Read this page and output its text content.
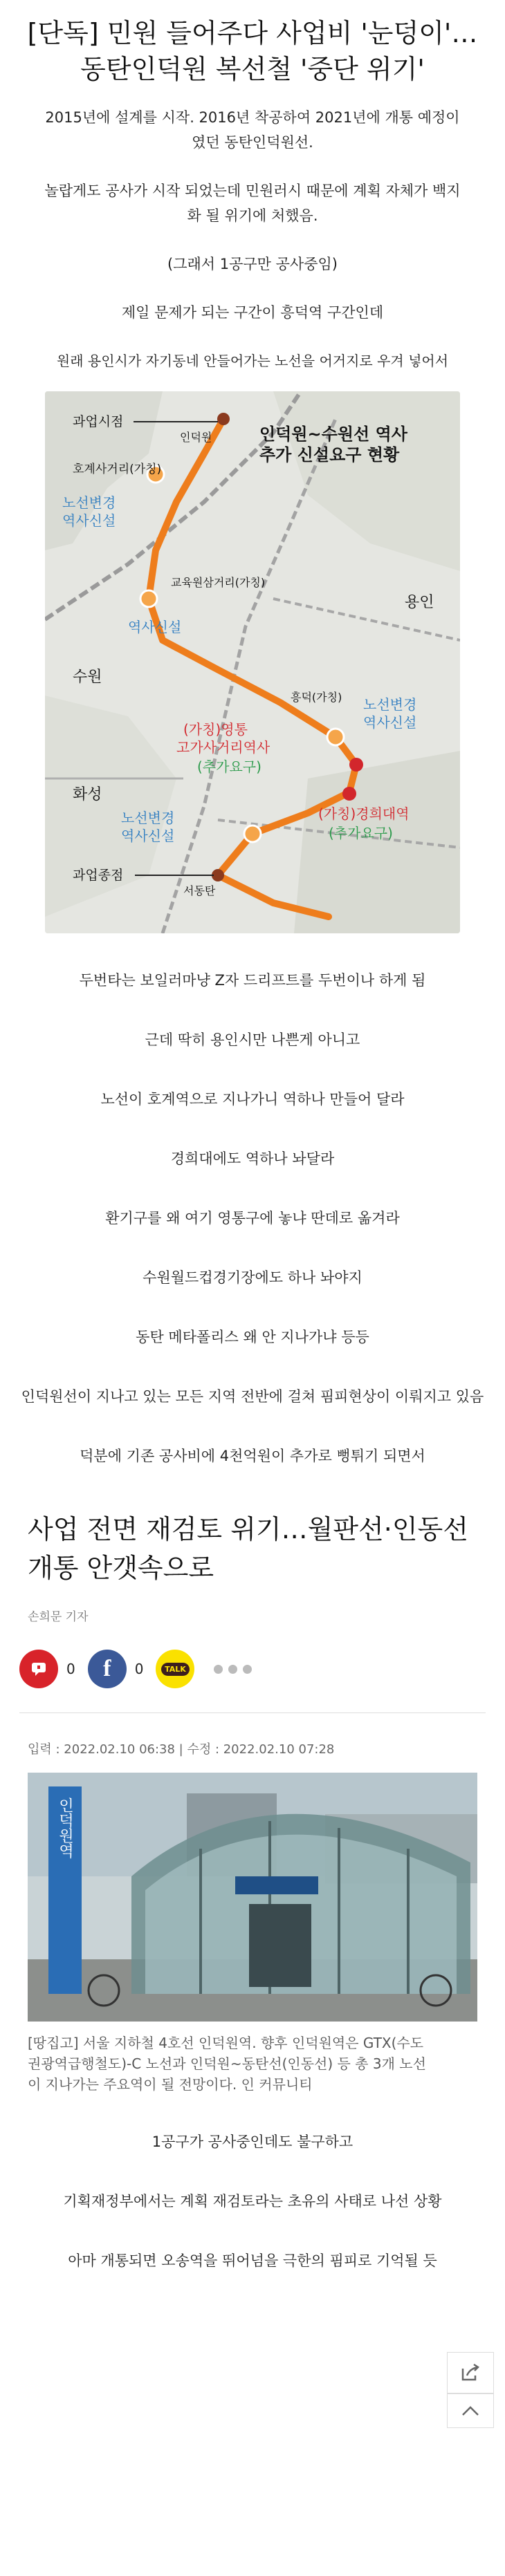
[단독] 민원 들어주다 사업비 '눈덩이'… 동탄인덕원 복선철 '중단 위기'

2015년에 설계를 시작. 2016년 착공하여 2021년에 개통 예정이였던 동탄인덕원선.

놀랍게도 공사가 시작 되었는데 민원러시 때문에 계획 자체가 백지화 될 위기에 처했음.

(그래서 1공구만 공사중임)

제일 문제가 되는 구간이 흥덕역 구간인데

원래 용인시가 자기동네 안들어가는 노선을 어거지로 우겨 넣어서

과업시점
인덕원	인덕원~수원선 역사
추가 신설요구 현황
호계사거리(가칭)
노선변경
역사신설
교육원삼거리(가칭)
역사신설
용인
수원
흥덕(가칭) 노선변경
역사신설
(가칭)영통
고가사거리역사
(추가요구)
화성
(가칭)경희대역
(추가요구)
노선변경
역사신설
과업종점
서동탄

두번타는 보일러마냥 Z자 드리프트를 두번이나 하게 됨

근데 딱히 용인시만 나쁜게 아니고

노선이 호계역으로 지나가니 역하나 만들어 달라

경희대에도 역하나 놔달라

환기구를 왜 여기 영통구에 놓냐 딴데로 옮겨라

수원월드컵경기장에도 하나 놔야지

동탄 메타폴리스 왜 안 지나가냐 등등

인덕원선이 지나고 있는 모든 지역 전반에 걸쳐 핌피현상이 이뤄지고 있음

덕분에 기존 공사비에 4천억원이 추가로 뻥튀기 되면서

사업 전면 재검토 위기…월판선·인동선 개통 안갯속으로

손희문 기자

0	f	0	TALK

입력 : 2022.02.10 06:38 | 수정 : 2022.02.10 07:28

인덕원역

[땅집고] 서울 지하철 4호선 인덕원역. 향후 인덕원역은 GTX(수도권광역급행철도)-C 노선과 인덕원~동탄선(인동선) 등 총 3개 노선이 지나가는 주요역이 될 전망이다. 인 커뮤니티

1공구가 공사중인데도 불구하고

기획재정부에서는 계획 재검토라는 초유의 사태로 나선 상황

아마 개통되면 오송역을 뛰어넘을 극한의 핌피로 기억될 듯
